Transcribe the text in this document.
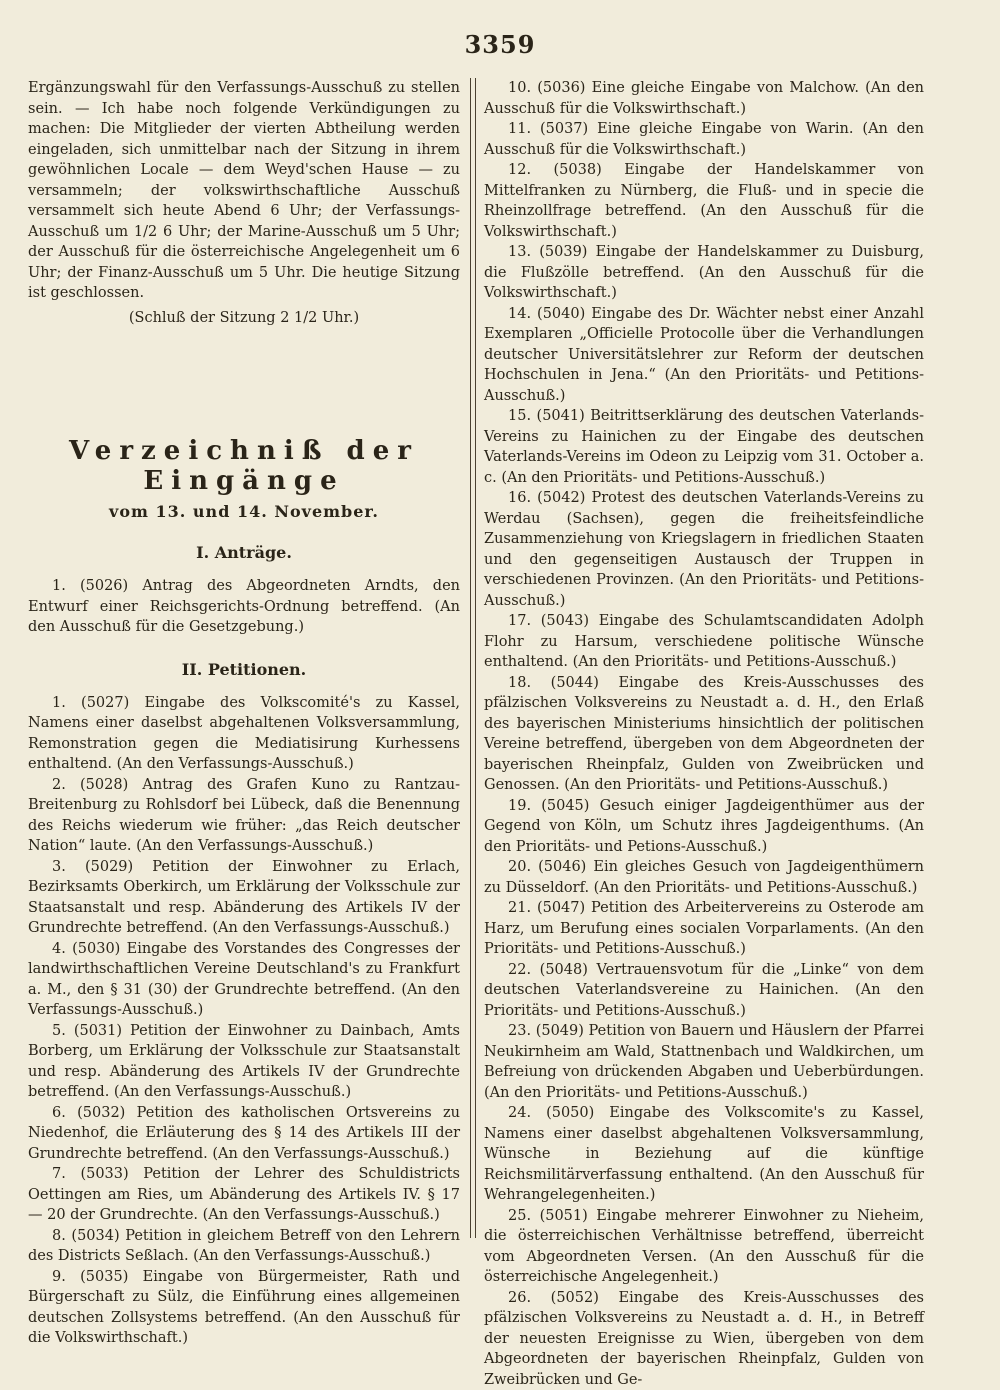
3359

Ergänzungswahl für den Verfassungs-Ausschuß zu stellen sein. — Ich habe noch folgende Verkündigungen zu machen: Die Mitglieder der vierten Abtheilung werden eingeladen, sich unmittelbar nach der Sitzung in ihrem gewöhnlichen Locale — dem Weyd'schen Hause — zu versammeln; der volkswirthschaftliche Ausschuß versammelt sich heute Abend 6 Uhr; der Verfassungs-Ausschuß um 1/2 6 Uhr; der Marine-Ausschuß um 5 Uhr; der Ausschuß für die österreichische Angelegenheit um 6 Uhr; der Finanz-Ausschuß um 5 Uhr. Die heutige Sitzung ist geschlossen.

(Schluß der Sitzung 2 1/2 Uhr.)

Verzeichniß der Eingänge
vom 13. und 14. November.
I. Anträge.

1. (5026) Antrag des Abgeordneten Arndts, den Entwurf einer Reichsgerichts-Ordnung betreffend. (An den Ausschuß für die Gesetzgebung.)

II. Petitionen.

1. (5027) Eingabe des Volkscomité's zu Kassel, Namens einer daselbst abgehaltenen Volksversammlung, Remonstration gegen die Mediatisirung Kurhessens enthaltend. (An den Verfassungs-Ausschuß.)

2. (5028) Antrag des Grafen Kuno zu Rantzau-Breitenburg zu Rohlsdorf bei Lübeck, daß die Benennung des Reichs wiederum wie früher: „das Reich deutscher Nation“ laute. (An den Verfassungs-Ausschuß.)

3. (5029) Petition der Einwohner zu Erlach, Bezirksamts Oberkirch, um Erklärung der Volksschule zur Staatsanstalt und resp. Abänderung des Artikels IV der Grundrechte betreffend. (An den Verfassungs-Ausschuß.)

4. (5030) Eingabe des Vorstandes des Congresses der landwirthschaftlichen Vereine Deutschland's zu Frankfurt a. M., den § 31 (30) der Grundrechte betreffend. (An den Verfassungs-Ausschuß.)

5. (5031) Petition der Einwohner zu Dainbach, Amts Borberg, um Erklärung der Volksschule zur Staatsanstalt und resp. Abänderung des Artikels IV der Grundrechte betreffend. (An den Verfassungs-Ausschuß.)

6. (5032) Petition des katholischen Ortsvereins zu Niedenhof, die Erläuterung des § 14 des Artikels III der Grundrechte betreffend. (An den Verfassungs-Ausschuß.)

7. (5033) Petition der Lehrer des Schuldistricts Oettingen am Ries, um Abänderung des Artikels IV. § 17 — 20 der Grundrechte. (An den Verfassungs-Ausschuß.)

8. (5034) Petition in gleichem Betreff von den Lehrern des Districts Seßlach. (An den Verfassungs-Ausschuß.)

9. (5035) Eingabe von Bürgermeister, Rath und Bürgerschaft zu Sülz, die Einführung eines allgemeinen deutschen Zollsystems betreffend. (An den Ausschuß für die Volkswirthschaft.)

10. (5036) Eine gleiche Eingabe von Malchow. (An den Ausschuß für die Volkswirthschaft.)

11. (5037) Eine gleiche Eingabe von Warin. (An den Ausschuß für die Volkswirthschaft.)

12. (5038) Eingabe der Handelskammer von Mittelfranken zu Nürnberg, die Fluß- und in specie die Rheinzollfrage betreffend. (An den Ausschuß für die Volkswirthschaft.)

13. (5039) Eingabe der Handelskammer zu Duisburg, die Flußzölle betreffend. (An den Ausschuß für die Volkswirthschaft.)

14. (5040) Eingabe des Dr. Wächter nebst einer Anzahl Exemplaren „Officielle Protocolle über die Verhandlungen deutscher Universitätslehrer zur Reform der deutschen Hochschulen in Jena.“ (An den Prioritäts- und Petitions-Ausschuß.)

15. (5041) Beitrittserklärung des deutschen Vaterlands-Vereins zu Hainichen zu der Eingabe des deutschen Vaterlands-Vereins im Odeon zu Leipzig vom 31. October a. c. (An den Prioritäts- und Petitions-Ausschuß.)

16. (5042) Protest des deutschen Vaterlands-Vereins zu Werdau (Sachsen), gegen die freiheitsfeindliche Zusammenziehung von Kriegslagern in friedlichen Staaten und den gegenseitigen Austausch der Truppen in verschiedenen Provinzen. (An den Prioritäts- und Petitions-Ausschuß.)

17. (5043) Eingabe des Schulamtscandidaten Adolph Flohr zu Harsum, verschiedene politische Wünsche enthaltend. (An den Prioritäts- und Petitions-Ausschuß.)

18. (5044) Eingabe des Kreis-Ausschusses des pfälzischen Volksvereins zu Neustadt a. d. H., den Erlaß des bayerischen Ministeriums hinsichtlich der politischen Vereine betreffend, übergeben von dem Abgeordneten der bayerischen Rheinpfalz, Gulden von Zweibrücken und Genossen. (An den Prioritäts- und Petitions-Ausschuß.)

19. (5045) Gesuch einiger Jagdeigenthümer aus der Gegend von Köln, um Schutz ihres Jagdeigenthums. (An den Prioritäts- und Petions-Ausschuß.)

20. (5046) Ein gleiches Gesuch von Jagdeigenthümern zu Düsseldorf. (An den Prioritäts- und Petitions-Ausschuß.)

21. (5047) Petition des Arbeitervereins zu Osterode am Harz, um Berufung eines socialen Vorparlaments. (An den Prioritäts- und Petitions-Ausschuß.)

22. (5048) Vertrauensvotum für die „Linke“ von dem deutschen Vaterlandsvereine zu Hainichen. (An den Prioritäts- und Petitions-Ausschuß.)

23. (5049) Petition von Bauern und Häuslern der Pfarrei Neukirnheim am Wald, Stattnenbach und Waldkirchen, um Befreiung von drückenden Abgaben und Ueberbürdungen. (An den Prioritäts- und Petitions-Ausschuß.)

24. (5050) Eingabe des Volkscomite's zu Kassel, Namens einer daselbst abgehaltenen Volksversammlung, Wünsche in Beziehung auf die künftige Reichsmilitärverfassung enthaltend. (An den Ausschuß für Wehrangelegenheiten.)

25. (5051) Eingabe mehrerer Einwohner zu Nieheim, die österreichischen Verhältnisse betreffend, überreicht vom Abgeordneten Versen. (An den Ausschuß für die österreichische Angelegenheit.)

26. (5052) Eingabe des Kreis-Ausschusses des pfälzischen Volksvereins zu Neustadt a. d. H., in Betreff der neuesten Ereignisse zu Wien, übergeben von dem Abgeordneten der bayerischen Rheinpfalz, Gulden von Zweibrücken und Ge-
